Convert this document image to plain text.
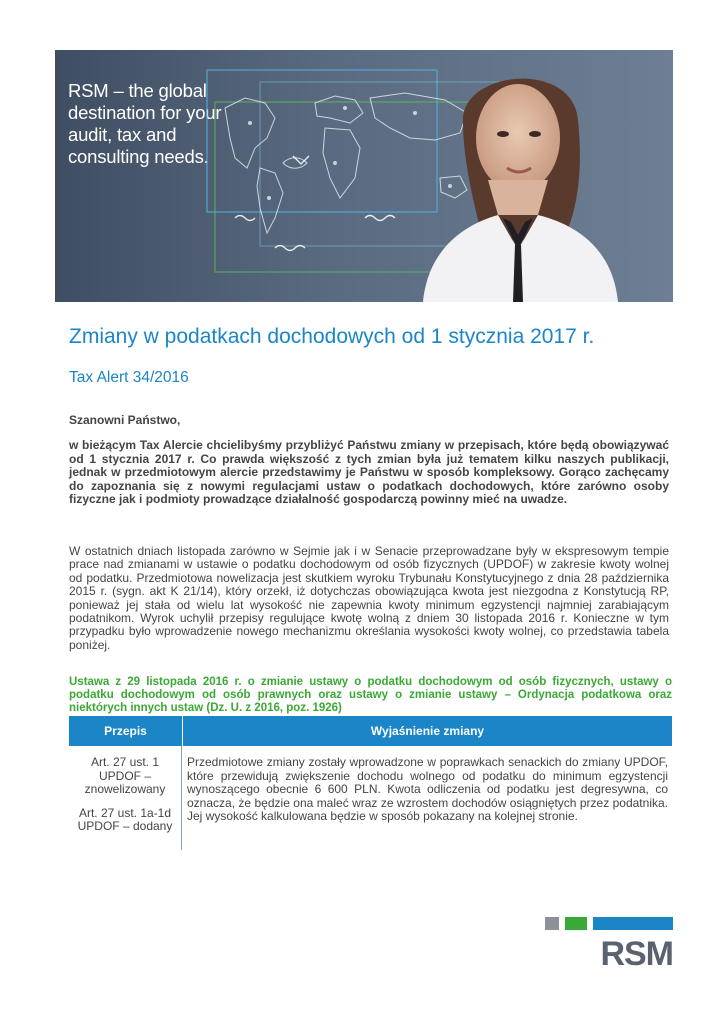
RSM – the global destination for your audit, tax and consulting needs.
Zmiany w podatkach dochodowych od 1 stycznia 2017 r.
Tax Alert 34/2016
Szanowni Państwo,

w bieżącym Tax Alercie chcielibyśmy przybliżyć Państwu zmiany w przepisach, które będą obowiązywać od 1 stycznia 2017 r. Co prawda większość z tych zmian była już tematem kilku naszych publikacji, jednak w przedmiotowym alercie przedstawimy je Państwu w sposób kompleksowy. Gorąco zachęcamy do zapoznania się z nowymi regulacjami ustaw o podatkach dochodowych, które zarówno osoby fizyczne jak i podmioty prowadzące działalność gospodarczą powinny mieć na uwadze.

W ostatnich dniach listopada zarówno w Sejmie jak i w Senacie przeprowadzane były w ekspresowym tempie prace nad zmianami w ustawie o podatku dochodowym od osób fizycznych (UPDOF) w zakresie kwoty wolnej od podatku. Przedmiotowa nowelizacja jest skutkiem wyroku Trybunału Konstytucyjnego z dnia 28 października 2015 r. (sygn. akt K 21/14), który orzekł, iż dotychczas obowiązująca kwota jest niezgodna z Konstytucją RP, ponieważ jej stała od wielu lat wysokość nie zapewnia kwoty minimum egzystencji najmniej zarabiającym podatnikom. Wyrok uchylił przepisy regulujące kwotę wolną z dniem 30 listopada 2016 r. Konieczne w tym przypadku było wprowadzenie nowego mechanizmu określania wysokości kwoty wolnej, co przedstawia tabela poniżej.

Ustawa z 29 listopada 2016 r. o zmianie ustawy o podatku dochodowym od osób fizycznych, ustawy o podatku dochodowym od osób prawnych oraz ustawy o zmianie ustawy – Ordynacja podatkowa oraz niektórych innych ustaw (Dz. U. z 2016, poz. 1926)
Przepis	Wyjaśnienie zmiany

Art. 27 ust. 1 UPDOF – znowelizowany

Art. 27 ust. 1a-1d UPDOF – dodany

Przedmiotowe zmiany zostały wprowadzone w poprawkach senackich do zmiany UPDOF, które przewidują zwiększenie dochodu wolnego od podatku do minimum egzystencji wynoszącego obecnie 6 600 PLN. Kwota odliczenia od podatku jest degresywna, co oznacza, że będzie ona maleć wraz ze wzrostem dochodów osiągniętych przez podatnika. Jej wysokość kalkulowana będzie w sposób pokazany na kolejnej stronie.
RSM
